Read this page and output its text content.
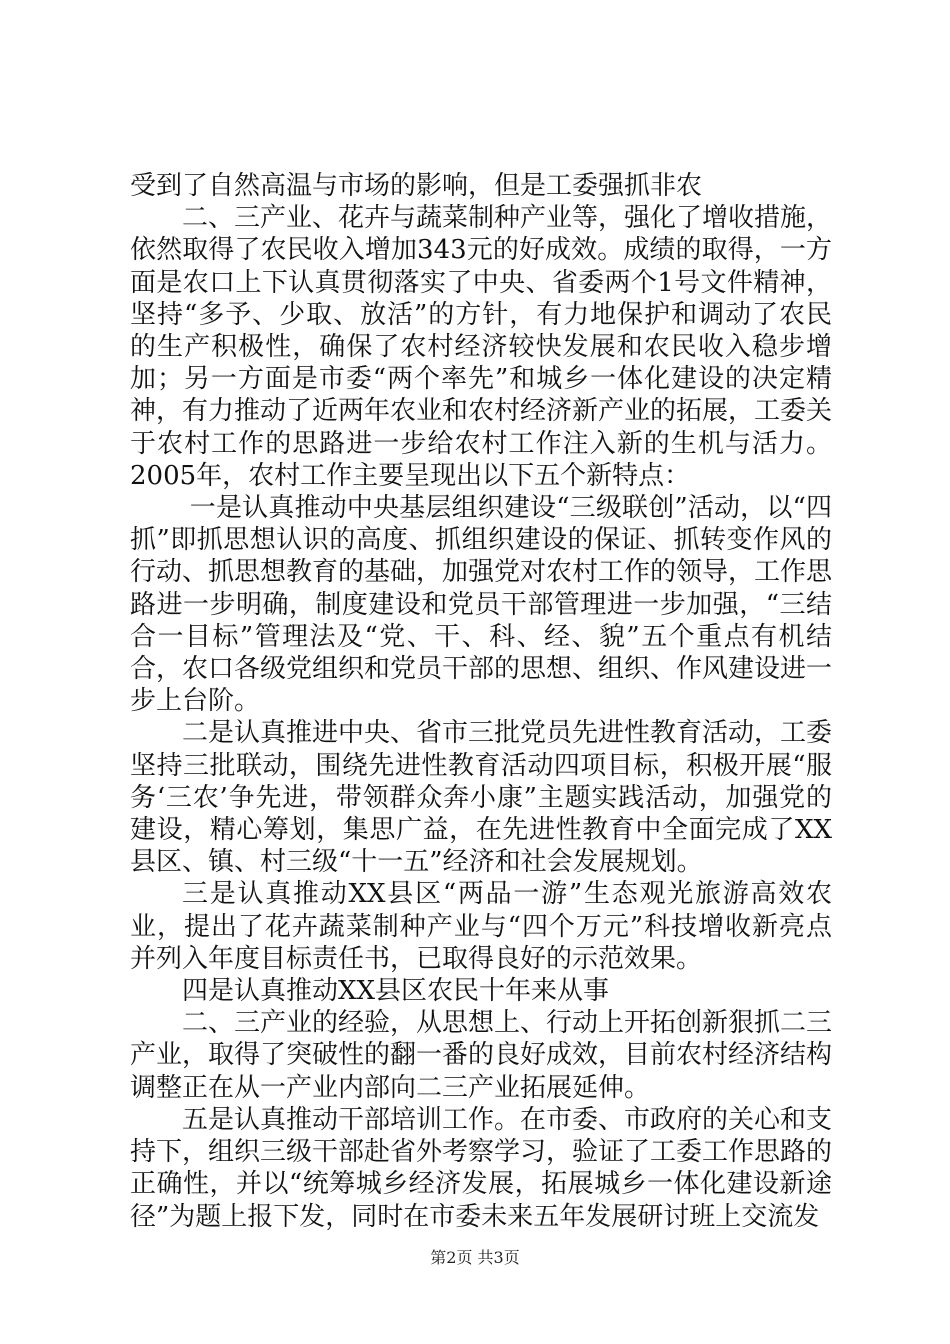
受到了自然高温与市场的影响，但是工委强抓非农

二、三产业、花卉与蔬菜制种产业等，强化了增收措施，依然取得了农民收入增加343元的好成效。成绩的取得，一方面是农口上下认真贯彻落实了中央、省委两个1号文件精神，坚持“多予、少取、放活”的方针，有力地保护和调动了农民的生产积极性，确保了农村经济较快发展和农民收入稳步增加；另一方面是市委“两个率先”和城乡一体化建设的决定精神，有力推动了近两年农业和农村经济新产业的拓展，工委关于农村工作的思路进一步给农村工作注入新的生机与活力。2005年，农村工作主要呈现出以下五个新特点：

一是认真推动中央基层组织建设“三级联创”活动，以“四抓”即抓思想认识的高度、抓组织建设的保证、抓转变作风的行动、抓思想教育的基础，加强党对农村工作的领导，工作思路进一步明确，制度建设和党员干部管理进一步加强，“三结合一目标”管理法及“党、干、科、经、貌”五个重点有机结合，农口各级党组织和党员干部的思想、组织、作风建设进一步上台阶。

二是认真推进中央、省市三批党员先进性教育活动，工委坚持三批联动，围绕先进性教育活动四项目标，积极开展“服务‘三农’争先进，带领群众奔小康”主题实践活动，加强党的建设，精心筹划，集思广益，在先进性教育中全面完成了XX县区、镇、村三级“十一五”经济和社会发展规划。

三是认真推动XX县区“两品一游”生态观光旅游高效农业，提出了花卉蔬菜制种产业与“四个万元”科技增收新亮点并列入年度目标责任书，已取得良好的示范效果。

四是认真推动XX县区农民十年来从事

二、三产业的经验，从思想上、行动上开拓创新狠抓二三产业，取得了突破性的翻一番的良好成效，目前农村经济结构调整正在从一产业内部向二三产业拓展延伸。

五是认真推动干部培训工作。在市委、市政府的关心和支持下，组织三级干部赴省外考察学习，验证了工委工作思路的正确性，并以“统筹城乡经济发展，拓展城乡一体化建设新途径”为题上报下发，同时在市委未来五年发展研讨班上交流发

第2页 共3页
